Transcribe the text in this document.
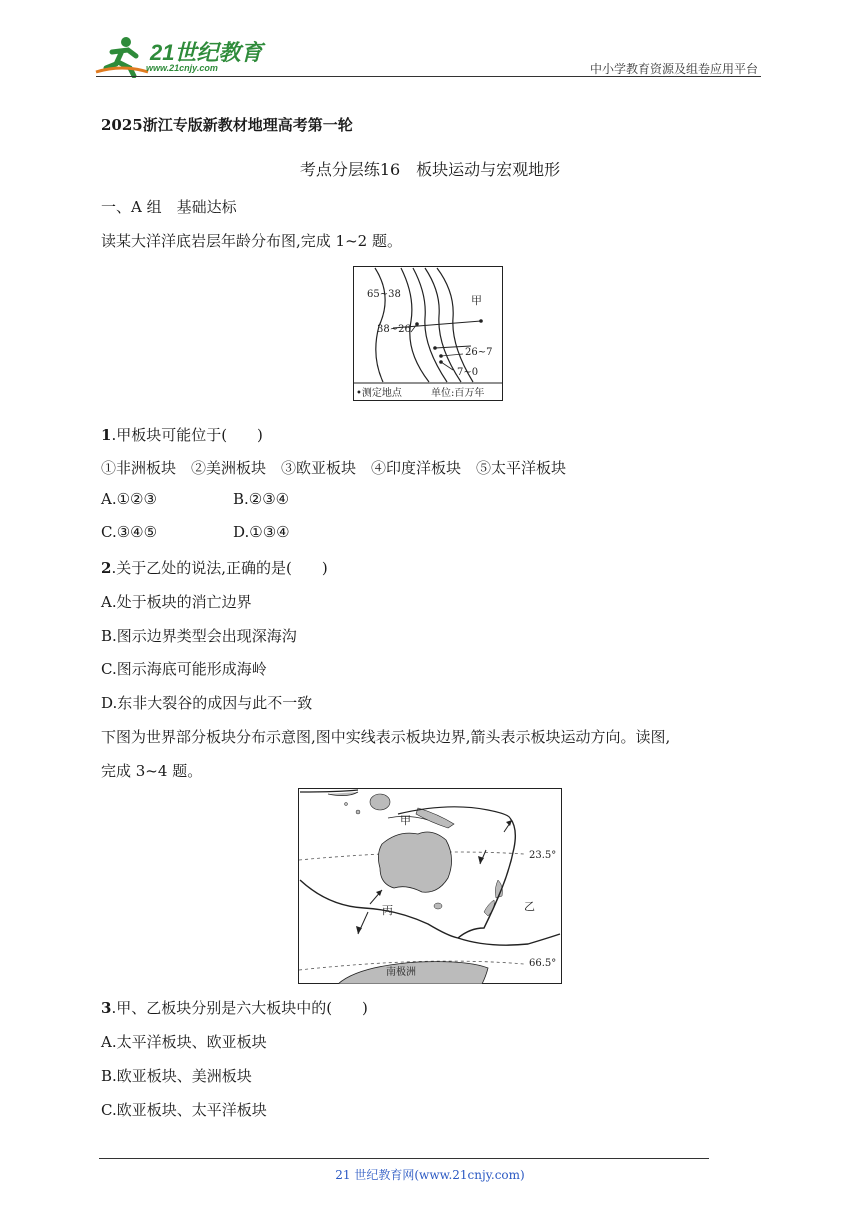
21世纪教育
www.21cnjy.com	中小学教育资源及组卷应用平台
2025浙江专版新教材地理高考第一轮
考点分层练16　板块运动与宏观地形
一、A 组　基础达标
读某大洋洋底岩层年龄分布图,完成 1~2 题。
65~38
38~26
甲
26~7
7~0
•测定地点	单位:百万年
1.甲板块可能位于(　　)
①非洲板块　②美洲板块　③欧亚板块　④印度洋板块　⑤太平洋板块
A.①②③	B.②③④
C.③④⑤	D.①③④
2.关于乙处的说法,正确的是(　　)
A.处于板块的消亡边界
B.图示边界类型会出现深海沟
C.图示海底可能形成海岭
D.东非大裂谷的成因与此不一致
下图为世界部分板块分布示意图,图中实线表示板块边界,箭头表示板块运动方向。读图,
完成 3~4 题。
甲
乙
丙
23.5°
66.5°
南极洲
3.甲、乙板块分别是六大板块中的(　　)
A.太平洋板块、欧亚板块
B.欧亚板块、美洲板块
C.欧亚板块、太平洋板块
21 世纪教育网(www.21cnjy.com)
